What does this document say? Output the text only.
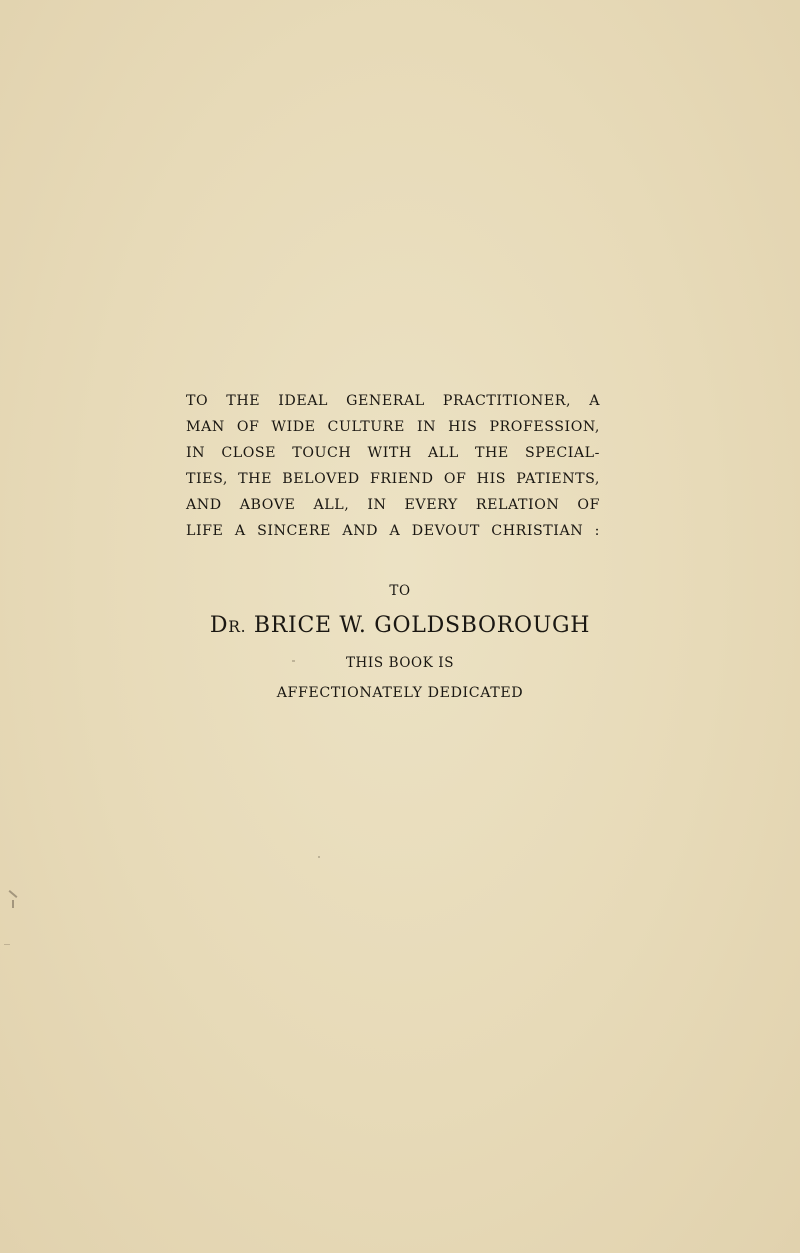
TO THE IDEAL GENERAL PRACTITIONER, A
MAN OF WIDE CULTURE IN HIS PROFESSION,
IN CLOSE TOUCH WITH ALL THE SPECIAL-
TIES, THE BELOVED FRIEND OF HIS PATIENTS,
AND ABOVE ALL, IN EVERY RELATION OF
LIFE A SINCERE AND A DEVOUT CHRISTIAN :
TO
DR. BRICE W. GOLDSBOROUGH
THIS BOOK IS
AFFECTIONATELY DEDICATED
